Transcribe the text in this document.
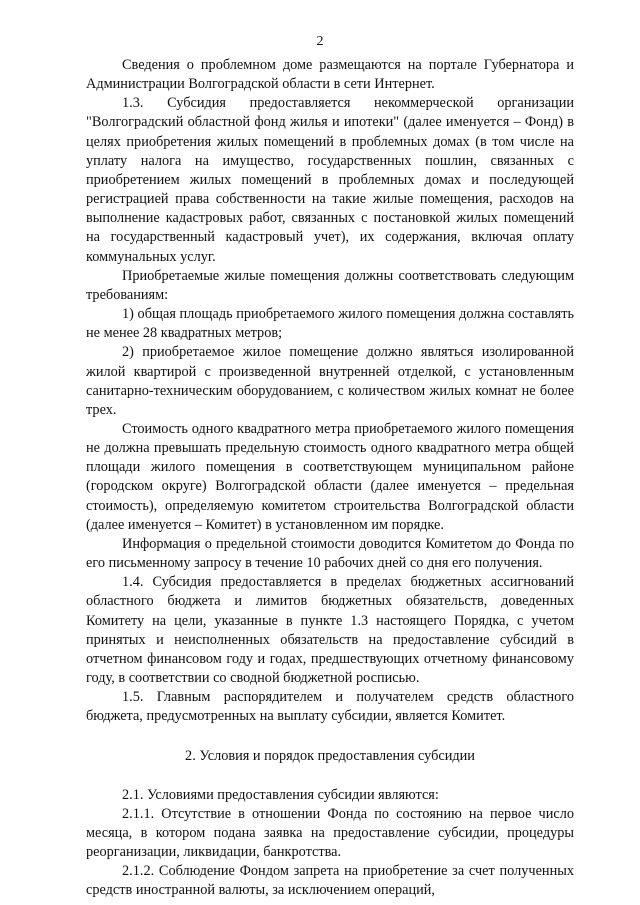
2

Сведения о проблемном доме размещаются на портале Губернатора и Администрации Волгоградской области в сети Интернет.

1.3. Субсидия предоставляется некоммерческой организации "Волгоградский областной фонд жилья и ипотеки" (далее именуется – Фонд) в целях приобретения жилых помещений в проблемных домах (в том числе на уплату налога на имущество, государственных пошлин, связанных с приобретением жилых помещений в проблемных домах и последующей регистрацией права собственности на такие жилые помещения, расходов на выполнение кадастровых работ, связанных с постановкой жилых помещений на государственный кадастровый учет), их содержания, включая оплату коммунальных услуг.

Приобретаемые жилые помещения должны соответствовать следующим требованиям:

1) общая площадь приобретаемого жилого помещения должна составлять не менее 28 квадратных метров;

2) приобретаемое жилое помещение должно являться изолированной жилой квартирой с произведенной внутренней отделкой, с установленным санитарно-техническим оборудованием, с количеством жилых комнат не более трех.

Стоимость одного квадратного метра приобретаемого жилого помещения не должна превышать предельную стоимость одного квадратного метра общей площади жилого помещения в соответствующем муниципальном районе (городском округе) Волгоградской области (далее именуется – предельная стоимость), определяемую комитетом строительства Волгоградской области (далее именуется – Комитет) в установленном им порядке.

Информация о предельной стоимости доводится Комитетом до Фонда по его письменному запросу в течение 10 рабочих дней со дня его получения.

1.4. Субсидия предоставляется в пределах бюджетных ассигнований областного бюджета и лимитов бюджетных обязательств, доведенных Комитету на цели, указанные в пункте 1.3 настоящего Порядка, с учетом принятых и неисполненных обязательств на предоставление субсидий в отчетном финансовом году и годах, предшествующих отчетному финансовому году, в соответствии со сводной бюджетной росписью.

1.5. Главным распорядителем и получателем средств областного бюджета, предусмотренных на выплату субсидии, является Комитет.

2. Условия и порядок предоставления субсидии

2.1. Условиями предоставления субсидии являются:

2.1.1. Отсутствие в отношении Фонда по состоянию на первое число месяца, в котором подана заявка на предоставление субсидии, процедуры реорганизации, ликвидации, банкротства.

2.1.2. Соблюдение Фондом запрета на приобретение за счет полученных средств иностранной валюты, за исключением операций,
